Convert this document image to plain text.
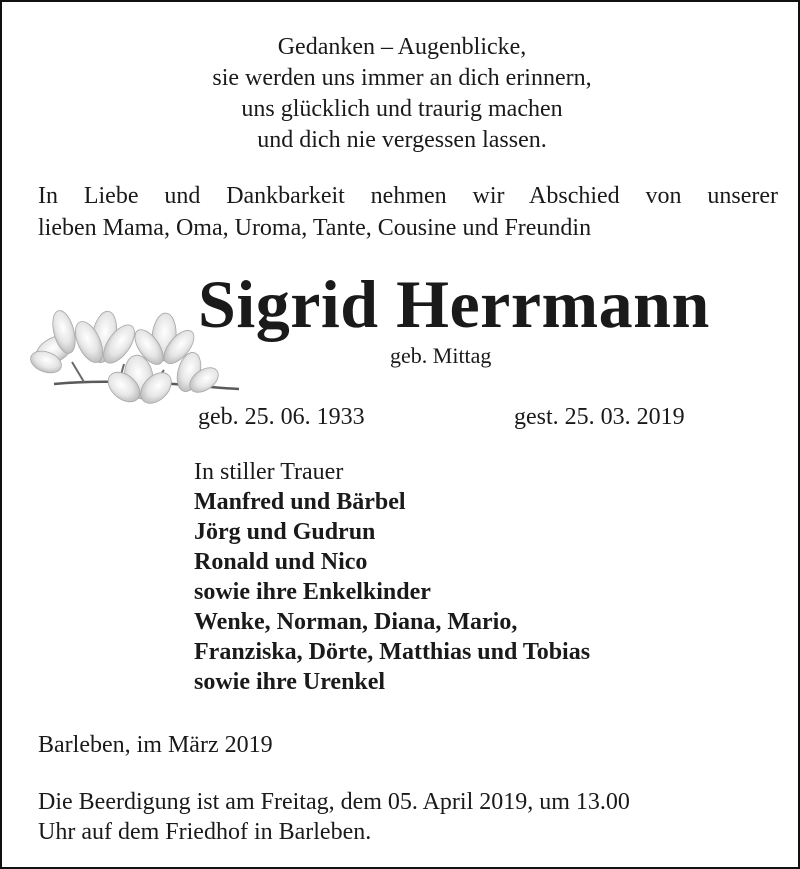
Gedanken – Augenblicke,
sie werden uns immer an dich erinnern,
uns glücklich und traurig machen
und dich nie vergessen lassen.
In Liebe und Dankbarkeit nehmen wir Abschied von unserer
lieben Mama, Oma, Uroma, Tante, Cousine und Freundin
Sigrid Herrmann
geb. Mittag
geb. 25. 06. 1933	gest. 25. 03. 2019
In stiller Trauer
Manfred und Bärbel
Jörg und Gudrun
Ronald und Nico
sowie ihre Enkelkinder
Wenke, Norman, Diana, Mario,
Franziska, Dörte, Matthias und Tobias
sowie ihre Urenkel
Barleben, im März 2019
Die Beerdigung ist am Freitag, dem 05. April 2019, um 13.00
Uhr auf dem Friedhof in Barleben.
